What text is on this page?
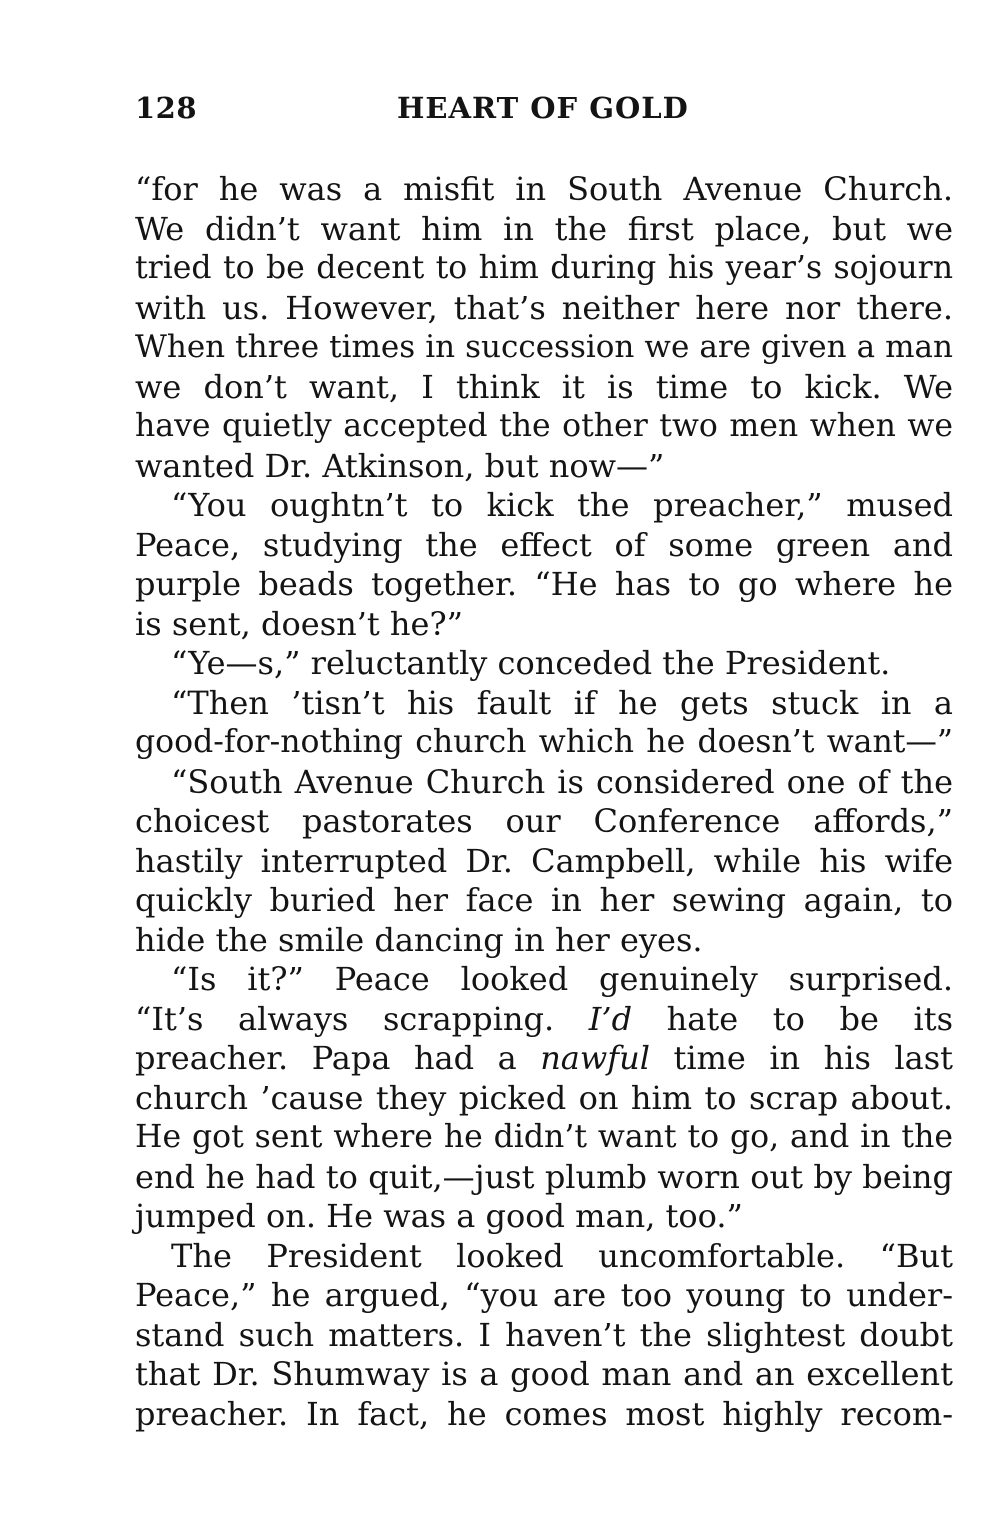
128	HEART OF GOLD
“for he was a misfit in South Avenue Church.
We didn’t want him in the first place, but we
tried to be decent to him during his year’s sojourn
with us. However, that’s neither here nor there.
When three times in succession we are given a man
we don’t want, I think it is time to kick. We
have quietly accepted the other two men when we
wanted Dr. Atkinson, but now—”
“You oughtn’t to kick the preacher,” mused
Peace, studying the effect of some green and
purple beads together. “He has to go where he
is sent, doesn’t he?”
“Ye—s,” reluctantly conceded the President.
“Then ’tisn’t his fault if he gets stuck in a
good-for-nothing church which he doesn’t want—”
“South Avenue Church is considered one of the
choicest pastorates our Conference affords,”
hastily interrupted Dr. Campbell, while his wife
quickly buried her face in her sewing again, to
hide the smile dancing in her eyes.
“Is it?” Peace looked genuinely surprised.
“It’s always scrapping. I’d hate to be its
preacher. Papa had a nawful time in his last
church ’cause they picked on him to scrap about.
He got sent where he didn’t want to go, and in the
end he had to quit,—just plumb worn out by being
jumped on. He was a good man, too.”
The President looked uncomfortable. “But
Peace,” he argued, “you are too young to under-
stand such matters. I haven’t the slightest doubt
that Dr. Shumway is a good man and an excellent
preacher. In fact, he comes most highly recom-
